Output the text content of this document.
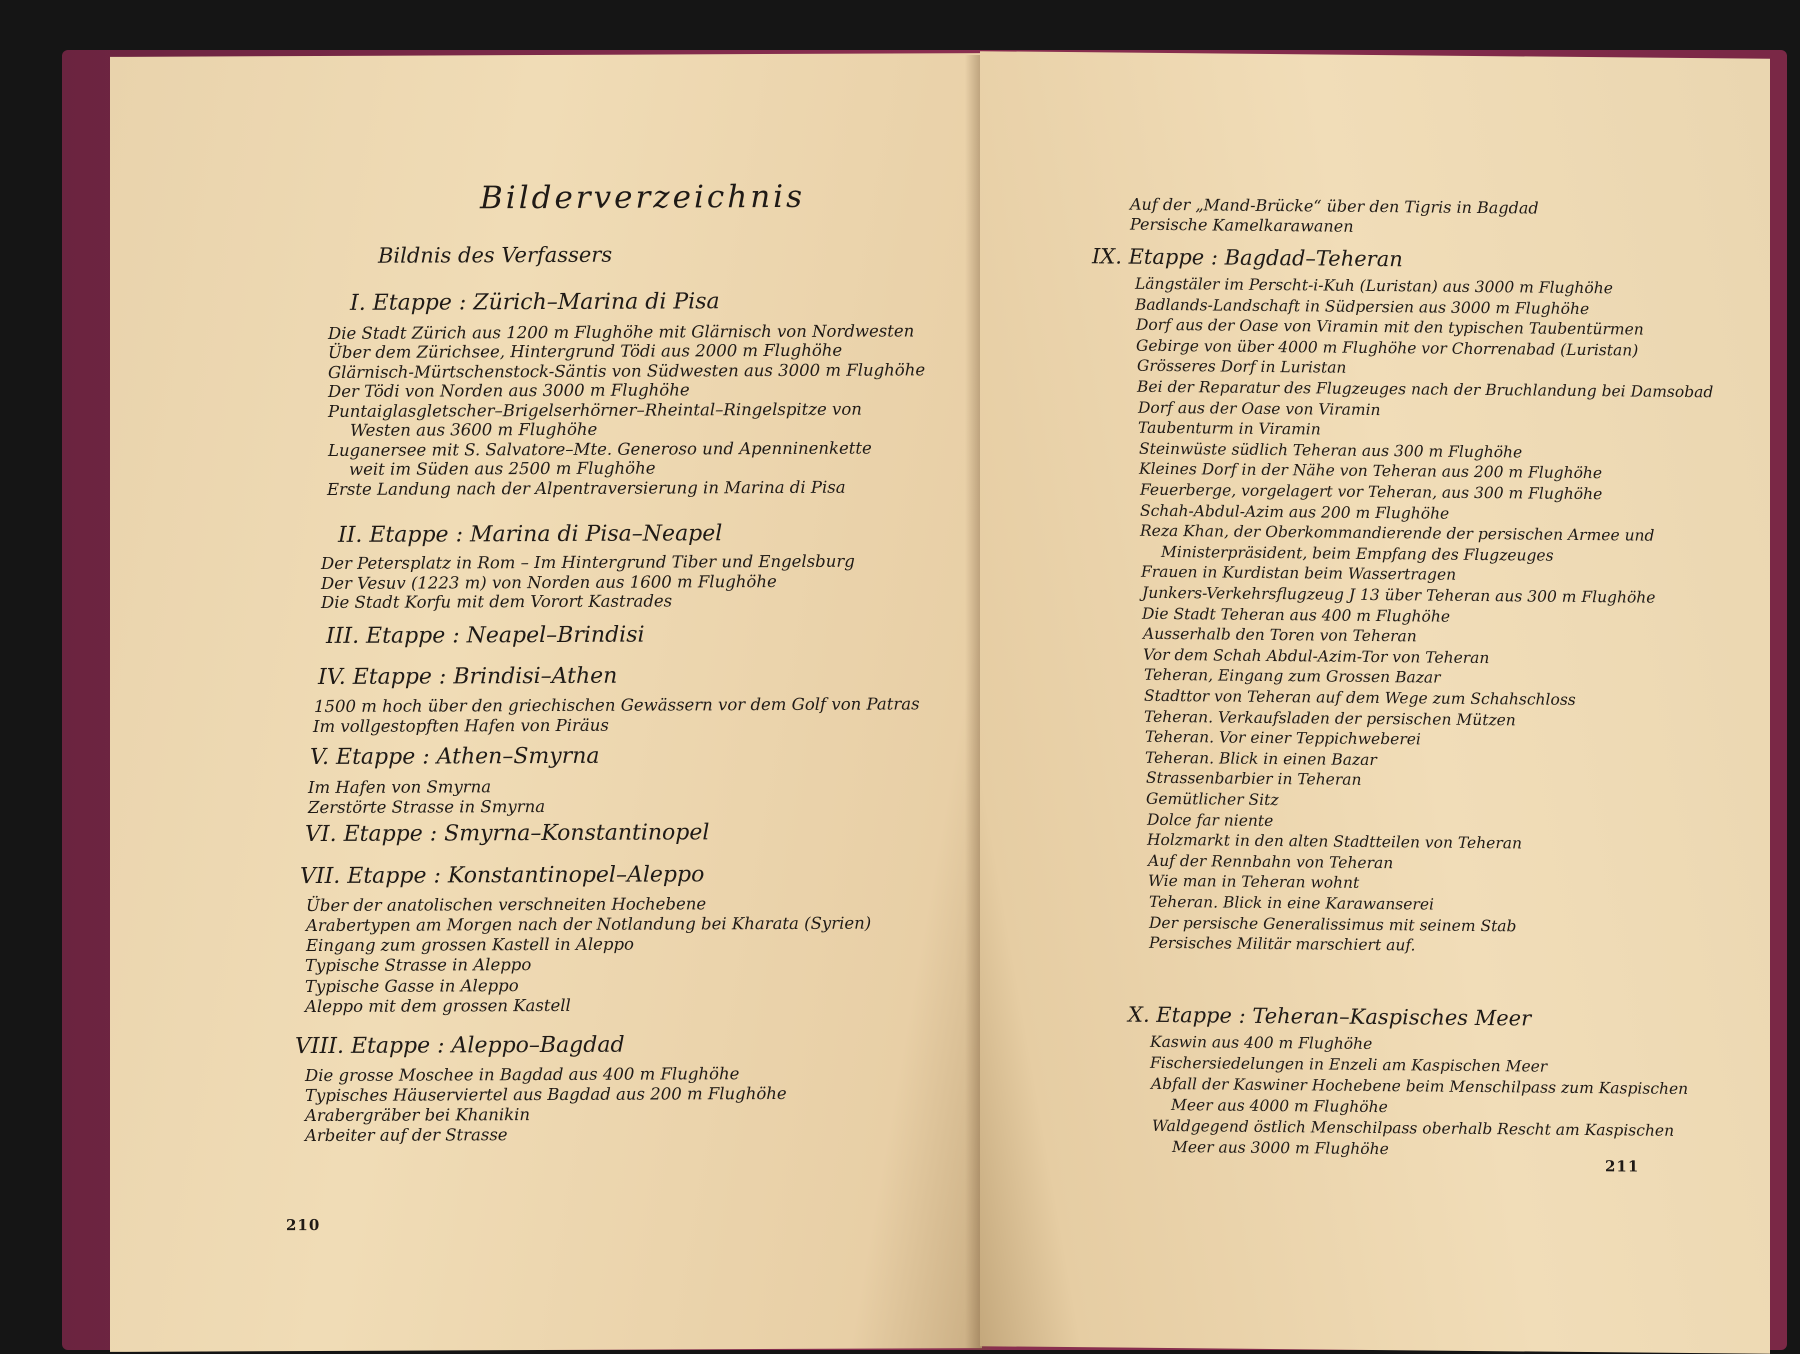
Bilderverzeichnis
Bildnis des Verfassers
I. Etappe : Zürich–Marina di Pisa
Die Stadt Zürich aus 1200 m Flughöhe mit Glärnisch von Nordwesten
Über dem Zürichsee, Hintergrund Tödi aus 2000 m Flughöhe
Glärnisch-Mürtschenstock-Säntis von Südwesten aus 3000 m Flughöhe
Der Tödi von Norden aus 3000 m Flughöhe
Puntaiglasgletscher–Brigelserhörner–Rheintal–Ringelspitze von
Westen aus 3600 m Flughöhe
Luganersee mit S. Salvatore–Mte. Generoso und Apenninenkette
weit im Süden aus 2500 m Flughöhe
Erste Landung nach der Alpentraversierung in Marina di Pisa
II. Etappe : Marina di Pisa–Neapel
Der Petersplatz in Rom – Im Hintergrund Tiber und Engelsburg
Der Vesuv (1223 m) von Norden aus 1600 m Flughöhe
Die Stadt Korfu mit dem Vorort Kastrades
III. Etappe : Neapel–Brindisi
IV. Etappe : Brindisi–Athen
1500 m hoch über den griechischen Gewässern vor dem Golf von Patras
Im vollgestopften Hafen von Piräus
V. Etappe : Athen–Smyrna
Im Hafen von Smyrna
Zerstörte Strasse in Smyrna
VI. Etappe : Smyrna–Konstantinopel
VII. Etappe : Konstantinopel–Aleppo
Über der anatolischen verschneiten Hochebene
Arabertypen am Morgen nach der Notlandung bei Kharata (Syrien)
Eingang zum grossen Kastell in Aleppo
Typische Strasse in Aleppo
Typische Gasse in Aleppo
Aleppo mit dem grossen Kastell
VIII. Etappe : Aleppo–Bagdad
Die grosse Moschee in Bagdad aus 400 m Flughöhe
Typisches Häuserviertel aus Bagdad aus 200 m Flughöhe
Arabergräber bei Khanikin
Arbeiter auf der Strasse
210
Auf der „Mand-Brücke“ über den Tigris in Bagdad
Persische Kamelkarawanen
IX. Etappe : Bagdad–Teheran
Längstäler im Perscht-i-Kuh (Luristan) aus 3000 m Flughöhe
Badlands-Landschaft in Südpersien aus 3000 m Flughöhe
Dorf aus der Oase von Viramin mit den typischen Taubentürmen
Gebirge von über 4000 m Flughöhe vor Chorrenabad (Luristan)
Grösseres Dorf in Luristan
Bei der Reparatur des Flugzeuges nach der Bruchlandung bei Damsobad
Dorf aus der Oase von Viramin
Taubenturm in Viramin
Steinwüste südlich Teheran aus 300 m Flughöhe
Kleines Dorf in der Nähe von Teheran aus 200 m Flughöhe
Feuerberge, vorgelagert vor Teheran, aus 300 m Flughöhe
Schah-Abdul-Azim aus 200 m Flughöhe
Reza Khan, der Oberkommandierende der persischen Armee und
Ministerpräsident, beim Empfang des Flugzeuges
Frauen in Kurdistan beim Wassertragen
Junkers-Verkehrsflugzeug J 13 über Teheran aus 300 m Flughöhe
Die Stadt Teheran aus 400 m Flughöhe
Ausserhalb den Toren von Teheran
Vor dem Schah Abdul-Azim-Tor von Teheran
Teheran, Eingang zum Grossen Bazar
Stadttor von Teheran auf dem Wege zum Schahschloss
Teheran. Verkaufsladen der persischen Mützen
Teheran. Vor einer Teppichweberei
Teheran. Blick in einen Bazar
Strassenbarbier in Teheran
Gemütlicher Sitz
Dolce far niente
Holzmarkt in den alten Stadtteilen von Teheran
Auf der Rennbahn von Teheran
Wie man in Teheran wohnt
Teheran. Blick in eine Karawanserei
Der persische Generalissimus mit seinem Stab
Persisches Militär marschiert auf.
X. Etappe : Teheran–Kaspisches Meer
Kaswin aus 400 m Flughöhe
Fischersiedelungen in Enzeli am Kaspischen Meer
Abfall der Kaswiner Hochebene beim Menschilpass zum Kaspischen
Meer aus 4000 m Flughöhe
Waldgegend östlich Menschilpass oberhalb Rescht am Kaspischen
Meer aus 3000 m Flughöhe
211
